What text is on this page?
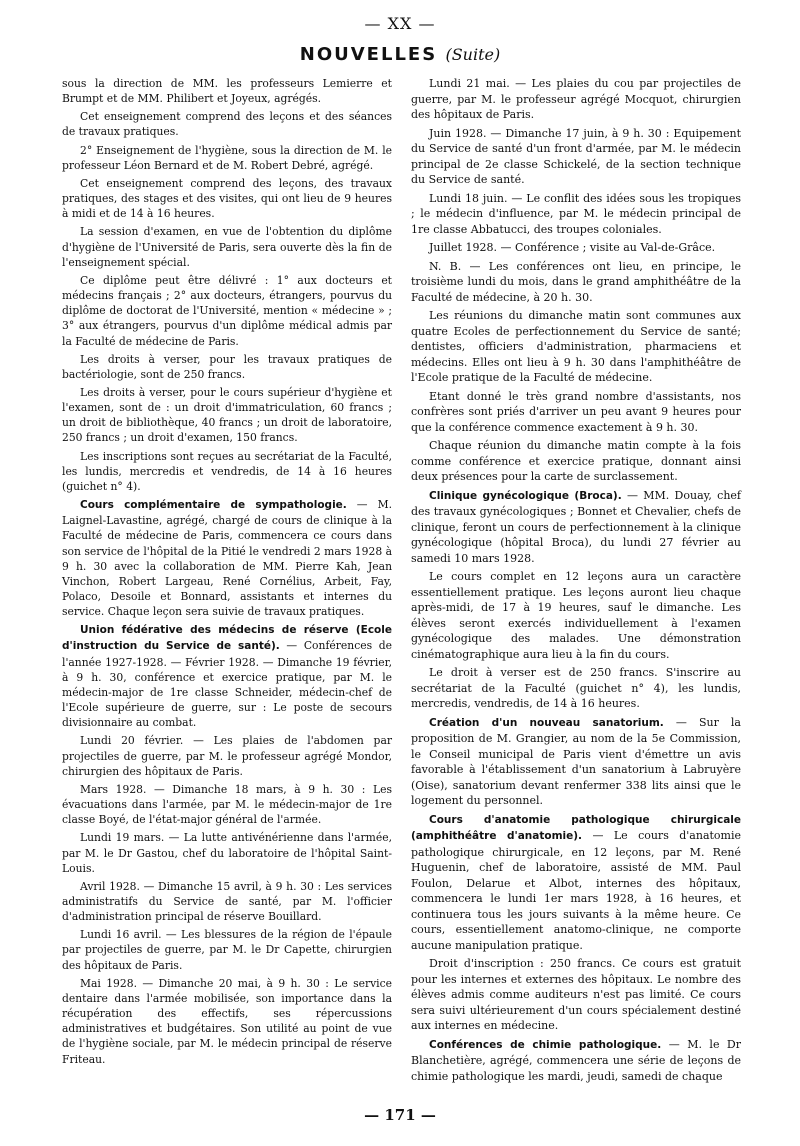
— XX —
NOUVELLES (Suite)

sous la direction de MM. les professeurs Lemierre et Brumpt et de MM. Philibert et Joyeux, agrégés.

Cet enseignement comprend des leçons et des séances de travaux pratiques.

2° Enseignement de l'hygiène, sous la direction de M. le professeur Léon Bernard et de M. Robert Debré, agrégé.

Cet enseignement comprend des leçons, des travaux pratiques, des stages et des visites, qui ont lieu de 9 heures à midi et de 14 à 16 heures.

La session d'examen, en vue de l'obtention du diplôme d'hygiène de l'Université de Paris, sera ouverte dès la fin de l'enseignement spécial.

Ce diplôme peut être délivré : 1° aux docteurs et médecins français ; 2° aux docteurs, étrangers, pourvus du diplôme de doctorat de l'Université, mention « médecine » ; 3° aux étrangers, pourvus d'un diplôme médical admis par la Faculté de médecine de Paris.

Les droits à verser, pour les travaux pratiques de bactériologie, sont de 250 francs.

Les droits à verser, pour le cours supérieur d'hygiène et l'examen, sont de : un droit d'immatriculation, 60 francs ; un droit de bibliothèque, 40 francs ; un droit de laboratoire, 250 francs ; un droit d'examen, 150 francs.

Les inscriptions sont reçues au secrétariat de la Faculté, les lundis, mercredis et vendredis, de 14 à 16 heures (guichet n° 4).

Cours complémentaire de sympathologie. — M. Laignel-Lavastine, agrégé, chargé de cours de clinique à la Faculté de médecine de Paris, commencera ce cours dans son service de l'hôpital de la Pitié le vendredi 2 mars 1928 à 9 h. 30 avec la collaboration de MM. Pierre Kah, Jean Vinchon, Robert Largeau, René Cornélius, Arbeit, Fay, Polaco, Desoile et Bonnard, assistants et internes du service. Chaque leçon sera suivie de travaux pratiques.

Union fédérative des médecins de réserve (Ecole d'instruction du Service de santé). — Conférences de l'année 1927-1928. — Février 1928. — Dimanche 19 février, à 9 h. 30, conférence et exercice pratique, par M. le médecin-major de 1re classe Schneider, médecin-chef de l'Ecole supérieure de guerre, sur : Le poste de secours divisionnaire au combat.

Lundi 20 février. — Les plaies de l'abdomen par projectiles de guerre, par M. le professeur agrégé Mondor, chirurgien des hôpitaux de Paris.

Mars 1928. — Dimanche 18 mars, à 9 h. 30 : Les évacuations dans l'armée, par M. le médecin-major de 1re classe Boyé, de l'état-major général de l'armée.

Lundi 19 mars. — La lutte antivénérienne dans l'armée, par M. le Dr Gastou, chef du laboratoire de l'hôpital Saint-Louis.

Avril 1928. — Dimanche 15 avril, à 9 h. 30 : Les services administratifs du Service de santé, par M. l'officier d'administration principal de réserve Bouillard.

Lundi 16 avril. — Les blessures de la région de l'épaule par projectiles de guerre, par M. le Dr Capette, chirurgien des hôpitaux de Paris.

Mai 1928. — Dimanche 20 mai, à 9 h. 30 : Le service dentaire dans l'armée mobilisée, son importance dans la récupération des effectifs, ses répercussions administratives et budgétaires. Son utilité au point de vue de l'hygiène sociale, par M. le médecin principal de réserve Friteau.

Lundi 21 mai. — Les plaies du cou par projectiles de guerre, par M. le professeur agrégé Mocquot, chirurgien des hôpitaux de Paris.

Juin 1928. — Dimanche 17 juin, à 9 h. 30 : Equipement du Service de santé d'un front d'armée, par M. le médecin principal de 2e classe Schickelé, de la section technique du Service de santé.

Lundi 18 juin. — Le conflit des idées sous les tropiques ; le médecin d'influence, par M. le médecin principal de 1re classe Abbatucci, des troupes coloniales.

Juillet 1928. — Conférence ; visite au Val-de-Grâce.

N. B. — Les conférences ont lieu, en principe, le troisième lundi du mois, dans le grand amphithéâtre de la Faculté de médecine, à 20 h. 30.

Les réunions du dimanche matin sont communes aux quatre Ecoles de perfectionnement du Service de santé; dentistes, officiers d'administration, pharmaciens et médecins. Elles ont lieu à 9 h. 30 dans l'amphithéâtre de l'Ecole pratique de la Faculté de médecine.

Etant donné le très grand nombre d'assistants, nos confrères sont priés d'arriver un peu avant 9 heures pour que la conférence commence exactement à 9 h. 30.

Chaque réunion du dimanche matin compte à la fois comme conférence et exercice pratique, donnant ainsi deux présences pour la carte de surclassement.

Clinique gynécologique (Broca). — MM. Douay, chef des travaux gynécologiques ; Bonnet et Chevalier, chefs de clinique, feront un cours de perfectionnement à la clinique gynécologique (hôpital Broca), du lundi 27 février au samedi 10 mars 1928.

Le cours complet en 12 leçons aura un caractère essentiellement pratique. Les leçons auront lieu chaque après-midi, de 17 à 19 heures, sauf le dimanche. Les élèves seront exercés individuellement à l'examen gynécologique des malades. Une démonstration cinématographique aura lieu à la fin du cours.

Le droit à verser est de 250 francs. S'inscrire au secrétariat de la Faculté (guichet n° 4), les lundis, mercredis, vendredis, de 14 à 16 heures.

Création d'un nouveau sanatorium. — Sur la proposition de M. Grangier, au nom de la 5e Commission, le Conseil municipal de Paris vient d'émettre un avis favorable à l'établissement d'un sanatorium à Labruyère (Oise), sanatorium devant renfermer 338 lits ainsi que le logement du personnel.

Cours d'anatomie pathologique chirurgicale (amphithéâtre d'anatomie). — Le cours d'anatomie pathologique chirurgicale, en 12 leçons, par M. René Huguenin, chef de laboratoire, assisté de MM. Paul Foulon, Delarue et Albot, internes des hôpitaux, commencera le lundi 1er mars 1928, à 16 heures, et continuera tous les jours suivants à la même heure. Ce cours, essentiellement anatomo-clinique, ne comporte aucune manipulation pratique.

Droit d'inscription : 250 francs. Ce cours est gratuit pour les internes et externes des hôpitaux. Le nombre des élèves admis comme auditeurs n'est pas limité. Ce cours sera suivi ultérieurement d'un cours spécialement destiné aux internes en médecine.

Conférences de chimie pathologique. — M. le Dr Blanchetière, agrégé, commencera une série de leçons de chimie pathologique les mardi, jeudi, samedi de chaque

— 171 —
